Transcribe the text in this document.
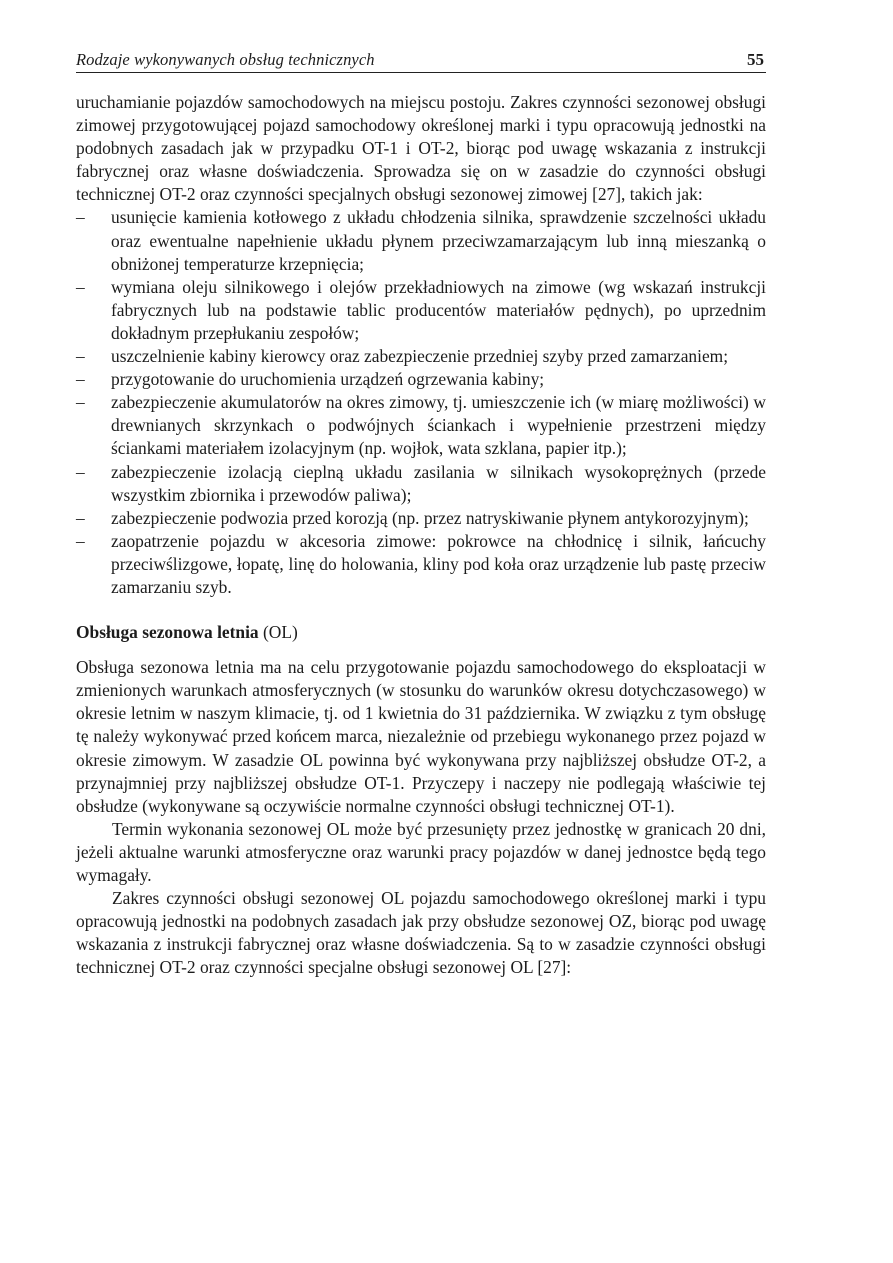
Rodzaje wykonywanych obsług technicznych	55

uruchamianie pojazdów samochodowych na miejscu postoju. Zakres czynności sezonowej obsługi zimowej przygotowującej pojazd samochodowy określonej marki i typu opracowują jednostki na podobnych zasadach jak w przypadku OT-1 i OT-2, biorąc pod uwagę wskazania z instrukcji fabrycznej oraz własne doświadczenia. Sprowadza się on w zasadzie do czynności obsługi technicznej OT-2 oraz czynności specjalnych obsługi sezonowej zimowej [27], takich jak:

– usunięcie kamienia kotłowego z układu chłodzenia silnika, sprawdzenie szczelności układu oraz ewentualne napełnienie układu płynem przeciwzamarzającym lub inną mieszanką o obniżonej temperaturze krzepnięcia;
– wymiana oleju silnikowego i olejów przekładniowych na zimowe (wg wskazań instrukcji fabrycznych lub na podstawie tablic producentów materiałów pędnych), po uprzednim dokładnym przepłukaniu zespołów;
– uszczelnienie kabiny kierowcy oraz zabezpieczenie przedniej szyby przed zamarzaniem;
– przygotowanie do uruchomienia urządzeń ogrzewania kabiny;
– zabezpieczenie akumulatorów na okres zimowy, tj. umieszczenie ich (w miarę możliwości) w drewnianych skrzynkach o podwójnych ściankach i wypełnienie przestrzeni między ściankami materiałem izolacyjnym (np. wojłok, wata szklana, papier itp.);
– zabezpieczenie izolacją cieplną układu zasilania w silnikach wysokoprężnych (przede wszystkim zbiornika i przewodów paliwa);
– zabezpieczenie podwozia przed korozją (np. przez natryskiwanie płynem antykorozyjnym);
– zaopatrzenie pojazdu w akcesoria zimowe: pokrowce na chłodnicę i silnik, łańcuchy przeciwślizgowe, łopatę, linę do holowania, kliny pod koła oraz urządzenie lub pastę przeciw zamarzaniu szyb.
Obsługa sezonowa letnia (OL)

Obsługa sezonowa letnia ma na celu przygotowanie pojazdu samochodowego do eksploatacji w zmienionych warunkach atmosferycznych (w stosunku do warunków okresu dotychczasowego) w okresie letnim w naszym klimacie, tj. od 1 kwietnia do 31 października. W związku z tym obsługę tę należy wykonywać przed końcem marca, niezależnie od przebiegu wykonanego przez pojazd w okresie zimowym. W zasadzie OL powinna być wykonywana przy najbliższej obsłudze OT-2, a przynajmniej przy najbliższej obsłudze OT-1. Przyczepy i naczepy nie podlegają właściwie tej obsłudze (wykonywane są oczywiście normalne czynności obsługi technicznej OT-1).

Termin wykonania sezonowej OL może być przesunięty przez jednostkę w granicach 20 dni, jeżeli aktualne warunki atmosferyczne oraz warunki pracy pojazdów w danej jednostce będą tego wymagały.

Zakres czynności obsługi sezonowej OL pojazdu samochodowego określonej marki i typu opracowują jednostki na podobnych zasadach jak przy obsłudze sezonowej OZ, biorąc pod uwagę wskazania z instrukcji fabrycznej oraz własne doświadczenia. Są to w zasadzie czynności obsługi technicznej OT-2 oraz czynności specjalne obsługi sezonowej OL [27]:
